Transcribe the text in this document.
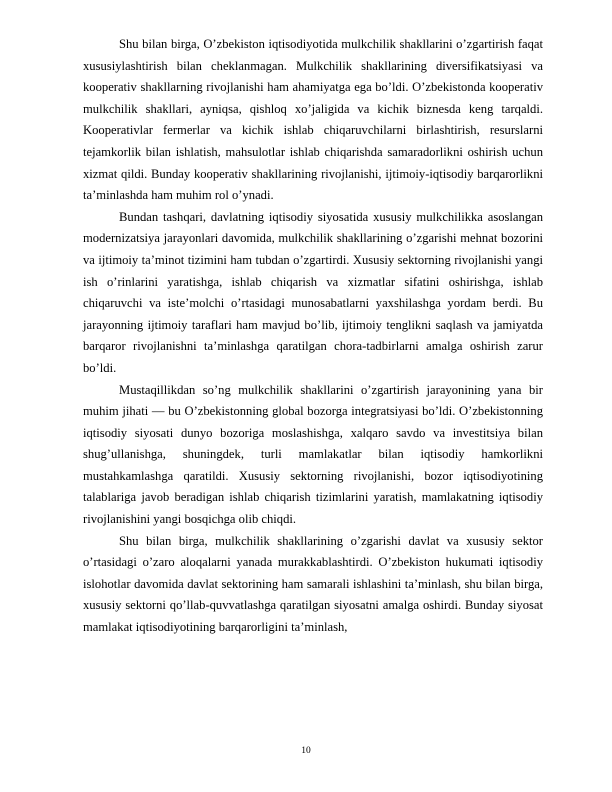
Shu bilan birga, O’zbekiston iqtisodiyotida mulkchilik shakllarini o’zgartirish faqat xususiylashtirish bilan cheklanmagan. Mulkchilik shakllarining diversifikatsiyasi va kooperativ shakllarning rivojlanishi ham ahamiyatga ega bo’ldi. O’zbekistonda kooperativ mulkchilik shakllari, ayniqsa, qishloq xo’jaligida va kichik biznesda keng tarqaldi. Kooperativlar fermerlar va kichik ishlab chiqaruvchilarni birlashtirish, resurslarni tejamkorlik bilan ishlatish, mahsulotlar ishlab chiqarishda samaradorlikni oshirish uchun xizmat qildi. Bunday kooperativ shakllarining rivojlanishi, ijtimoiy-iqtisodiy barqarorlikni ta’minlashda ham muhim rol o’ynadi.

Bundan tashqari, davlatning iqtisodiy siyosatida xususiy mulkchilikka asoslangan modernizatsiya jarayonlari davomida, mulkchilik shakllarining o’zgarishi mehnat bozorini va ijtimoiy ta’minot tizimini ham tubdan o’zgartirdi. Xususiy sektorning rivojlanishi yangi ish o’rinlarini yaratishga, ishlab chiqarish va xizmatlar sifatini oshirishga, ishlab chiqaruvchi va iste’molchi o’rtasidagi munosabatlarni yaxshilashga yordam berdi. Bu jarayonning ijtimoiy taraflari ham mavjud bo’lib, ijtimoiy tenglikni saqlash va jamiyatda barqaror rivojlanishni ta’minlashga qaratilgan chora-tadbirlarni amalga oshirish zarur bo’ldi.

Mustaqillikdan so’ng mulkchilik shakllarini o’zgartirish jarayonining yana bir muhim jihati — bu O’zbekistonning global bozorga integratsiyasi bo’ldi. O’zbekistonning iqtisodiy siyosati dunyo bozoriga moslashishga, xalqaro savdo va investitsiya bilan shug’ullanishga, shuningdek, turli mamlakatlar bilan iqtisodiy hamkorlikni mustahkamlashga qaratildi. Xususiy sektorning rivojlanishi, bozor iqtisodiyotining talablariga javob beradigan ishlab chiqarish tizimlarini yaratish, mamlakatning iqtisodiy rivojlanishini yangi bosqichga olib chiqdi.

Shu bilan birga, mulkchilik shakllarining o’zgarishi davlat va xususiy sektor o’rtasidagi o’zaro aloqalarni yanada murakkablashtirdi. O’zbekiston hukumati iqtisodiy islohotlar davomida davlat sektorining ham samarali ishlashini ta’minlash, shu bilan birga, xususiy sektorni qo’llab-quvvatlashga qaratilgan siyosatni amalga oshirdi. Bunday siyosat mamlakat iqtisodiyotining barqarorligini ta’minlash,

10
